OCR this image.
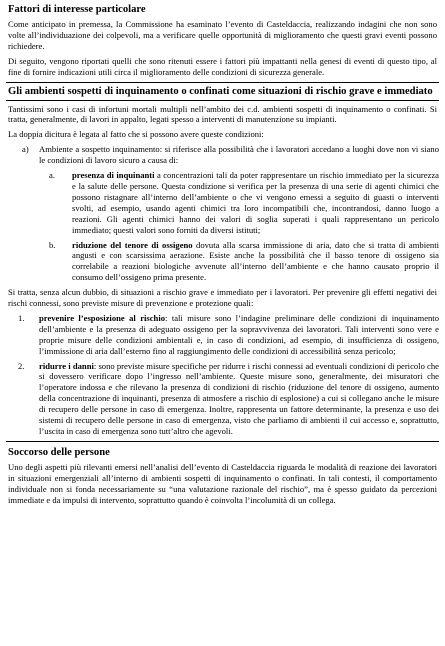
Fattori di interesse particolare

Come anticipato in premessa, la Commissione ha esaminato l’evento di Casteldaccia, realizzando indagini che non sono volte all’individuazione dei colpevoli, ma a verificare quelle opportunità di miglioramento che questi gravi eventi possono richiedere.

Di seguito, vengono riportati quelli che sono ritenuti essere i fattori più impattanti nella genesi di eventi di questo tipo, al fine di fornire indicazioni utili circa il miglioramento delle condizioni di sicurezza generale.

Gli ambienti sospetti di inquinamento o confinati come situazioni di rischio grave e immediato

Tantissimi sono i casi di infortuni mortali multipli nell’ambito dei c.d. ambienti sospetti di inquinamento o confinati. Si tratta, generalmente, di lavori in appalto, legati spesso a interventi di manutenzione su impianti.

La doppia dicitura è legata al fatto che si possono avere queste condizioni:

a)	Ambiente a sospetto inquinamento: si riferisce alla possibilità che i lavoratori accedano a luoghi dove non vi siano le condizioni di lavoro sicuro a causa di:
a.	presenza di inquinanti a concentrazioni tali da poter rappresentare un rischio immediato per la sicurezza e la salute delle persone. Questa condizione si verifica per la presenza di una serie di agenti chimici che possono ristagnare all’interno dell’ambiente o che vi vengono emessi a seguito di guasti o interventi svolti, ad esempio, usando agenti chimici tra loro incompatibili che, incontrandosi, danno luogo a reazioni. Gli agenti chimici hanno dei valori di soglia superati i quali rappresentano un pericolo immediato; questi valori sono forniti da diversi istituti;
b.	riduzione del tenore di ossigeno dovuta alla scarsa immissione di aria, dato che si tratta di ambienti angusti e con scarsissima aerazione. Esiste anche la possibilità che il basso tenore di ossigeno sia correlabile a reazioni biologiche avvenute all’interno dell’ambiente e che hanno causato proprio il consumo dell’ossigeno prima presente.

Si tratta, senza alcun dubbio, di situazioni a rischio grave e immediato per i lavoratori. Per prevenire gli effetti negativi dei rischi connessi, sono previste misure di prevenzione e protezione quali:

1.	prevenire l’esposizione al rischio: tali misure sono l’indagine preliminare delle condizioni di inquinamento dell’ambiente e la presenza di adeguato ossigeno per la sopravvivenza dei lavoratori. Tali interventi sono vere e proprie misure delle condizioni ambientali e, in caso di condizioni, ad esempio, di insufficienza di ossigeno, l’immissione di aria dall’esterno fino al raggiungimento delle condizioni di accessibilità senza pericolo;
2.	ridurre i danni: sono previste misure specifiche per ridurre i rischi connessi ad eventuali condizioni di pericolo che si dovessero verificare dopo l’ingresso nell’ambiente. Queste misure sono, generalmente, dei misuratori che l’operatore indossa e che rilevano la presenza di condizioni di rischio (riduzione del tenore di ossigeno, aumento della concentrazione di inquinanti, presenza di atmosfere a rischio di esplosione) a cui si collegano anche le misure di recupero delle persone in caso di emergenza. Inoltre, rappresenta un fattore determinante, la presenza e uso dei sistemi di recupero delle persone in caso di emergenza, visto che parliamo di ambienti il cui accesso e, soprattutto, l’uscita in caso di emergenza sono tutt’altro che agevoli.
Soccorso delle persone

Uno degli aspetti più rilevanti emersi nell’analisi dell’evento di Casteldaccia riguarda le modalità di reazione dei lavoratori in situazioni emergenziali all’interno di ambienti sospetti di inquinamento o confinati. In tali contesti, il comportamento individuale non si fonda necessariamente su “una valutazione razionale del rischio”, ma è spesso guidato da percezioni immediate e da impulsi di intervento, soprattutto quando è coinvolta l’incolumità di un collega.
